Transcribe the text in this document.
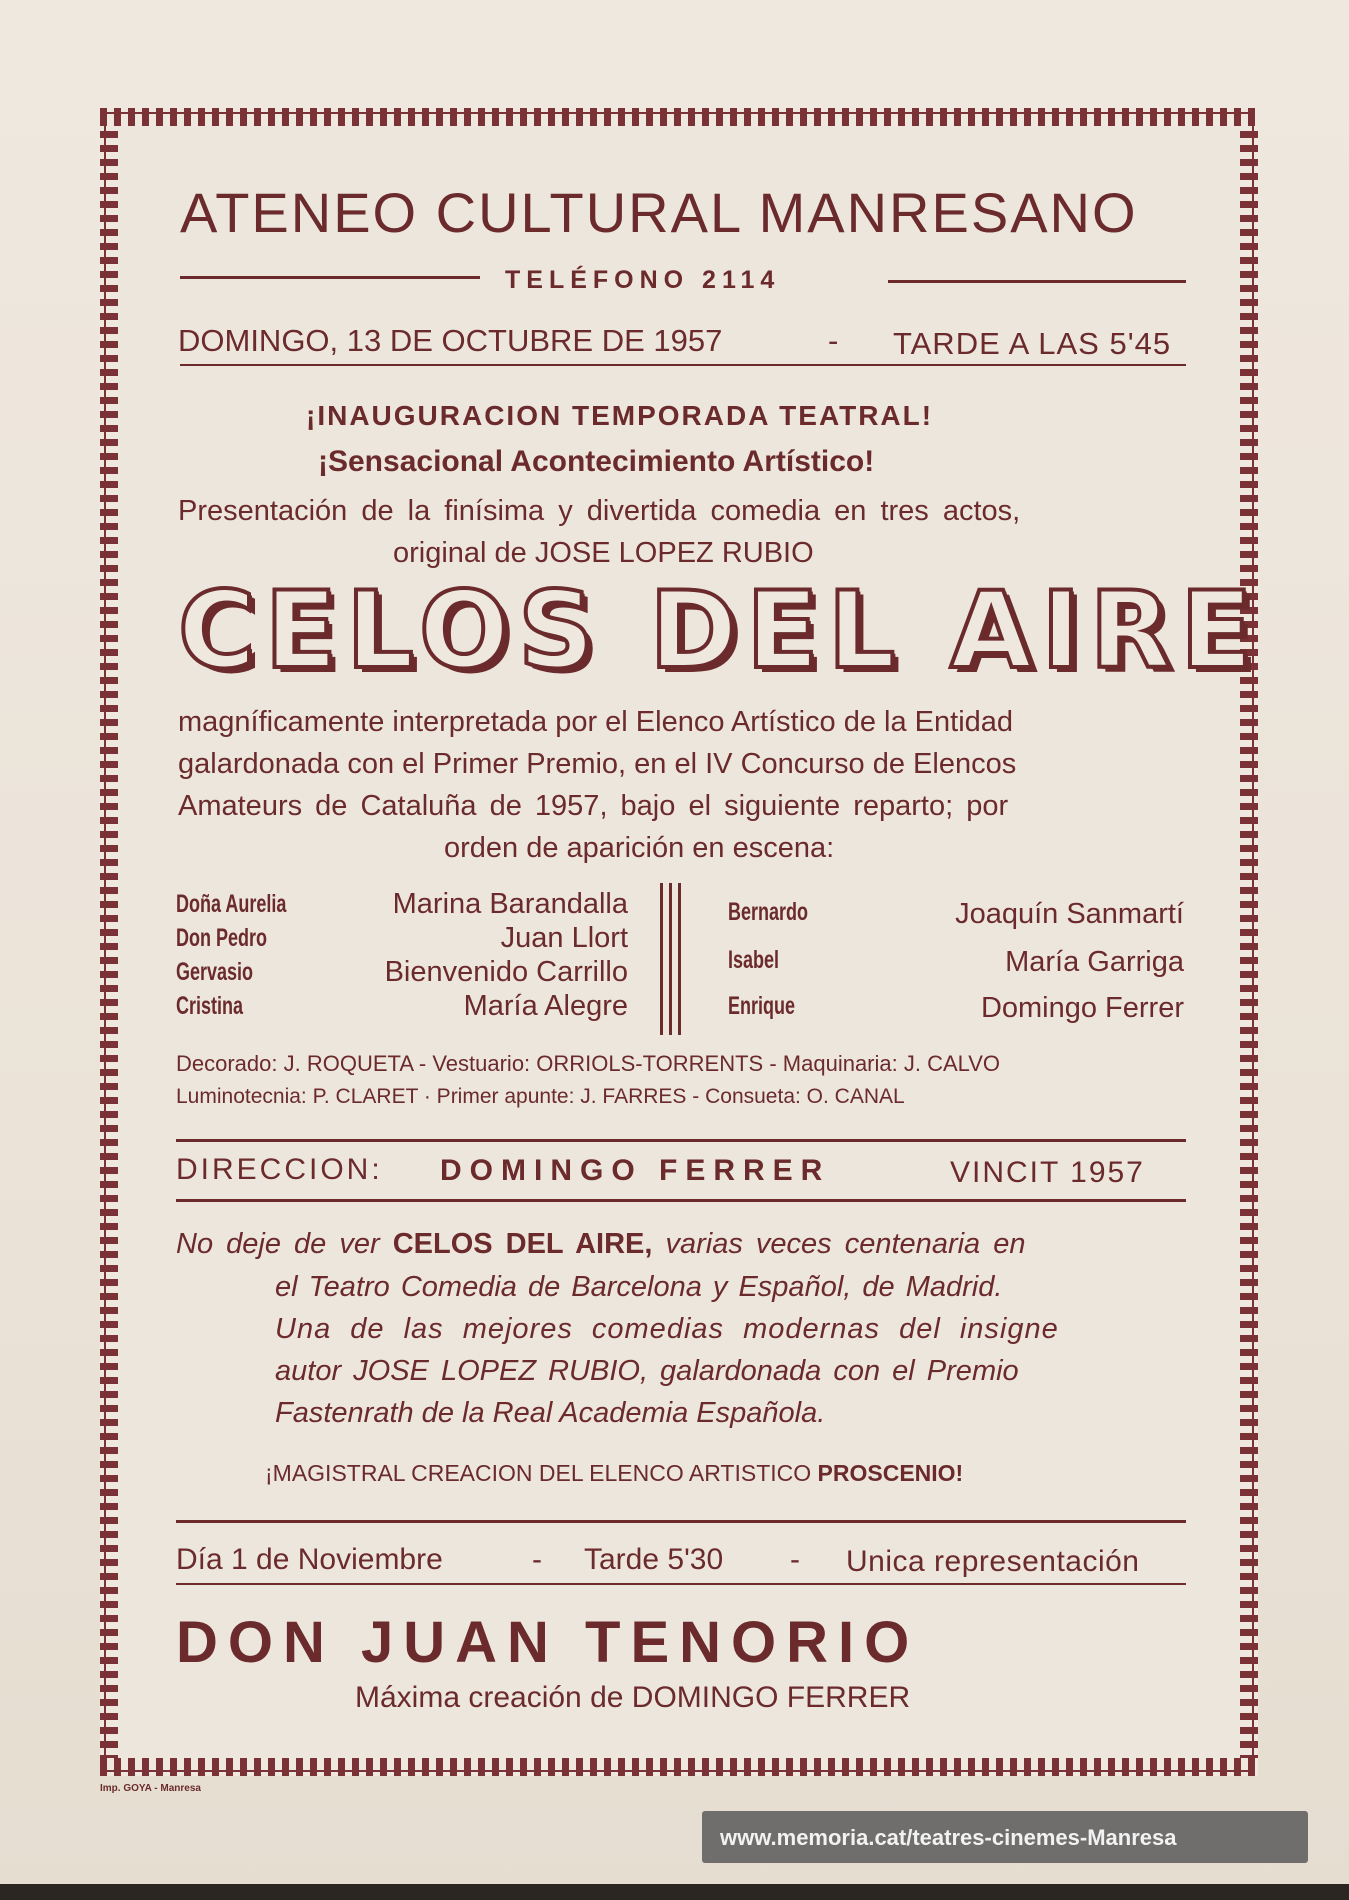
ATENEO CULTURAL MANRESANO
TELÉFONO 2114
DOMINGO, 13 DE OCTUBRE DE 1957	- TARDE A LAS 5'45
¡INAUGURACION TEMPORADA TEATRAL!
¡Sensacional Acontecimiento Artístico!
Presentación de la finísima y divertida comedia en tres actos,
original de JOSE LOPEZ RUBIO
CELOS DEL AIRE
magníficamente interpretada por el Elenco Artístico de la Entidad
galardonada con el Primer Premio, en el IV Concurso de Elencos
Amateurs de Cataluña de 1957, bajo el siguiente reparto; por
orden de aparición en escena:
Doña Aurelia	Marina Barandalla
Don Pedro	Juan Llort
Gervasio	Bienvenido Carrillo
Cristina	María Alegre
Bernardo	Joaquín Sanmartí
Isabel	María Garriga
Enrique	Domingo Ferrer
Decorado: J. ROQUETA - Vestuario: ORRIOLS-TORRENTS - Maquinaria: J. CALVO
Luminotecnia: P. CLARET · Primer apunte: J. FARRES - Consueta: O. CANAL
DIRECCION: DOMINGO FERRER	VINCIT 1957
No deje de ver CELOS DEL AIRE, varias veces centenaria en
el Teatro Comedia de Barcelona y Español, de Madrid.
Una de las mejores comedias modernas del insigne
autor JOSE LOPEZ RUBIO, galardonada con el Premio
Fastenrath de la Real Academia Española.
¡MAGISTRAL CREACION DEL ELENCO ARTISTICO PROSCENIO!
Día 1 de Noviembre	- Tarde 5'30 - Unica representación
DON JUAN TENORIO
Máxima creación de DOMINGO FERRER
Imp. GOYA - Manresa
www.memoria.cat/teatres-cinemes-Manresa
